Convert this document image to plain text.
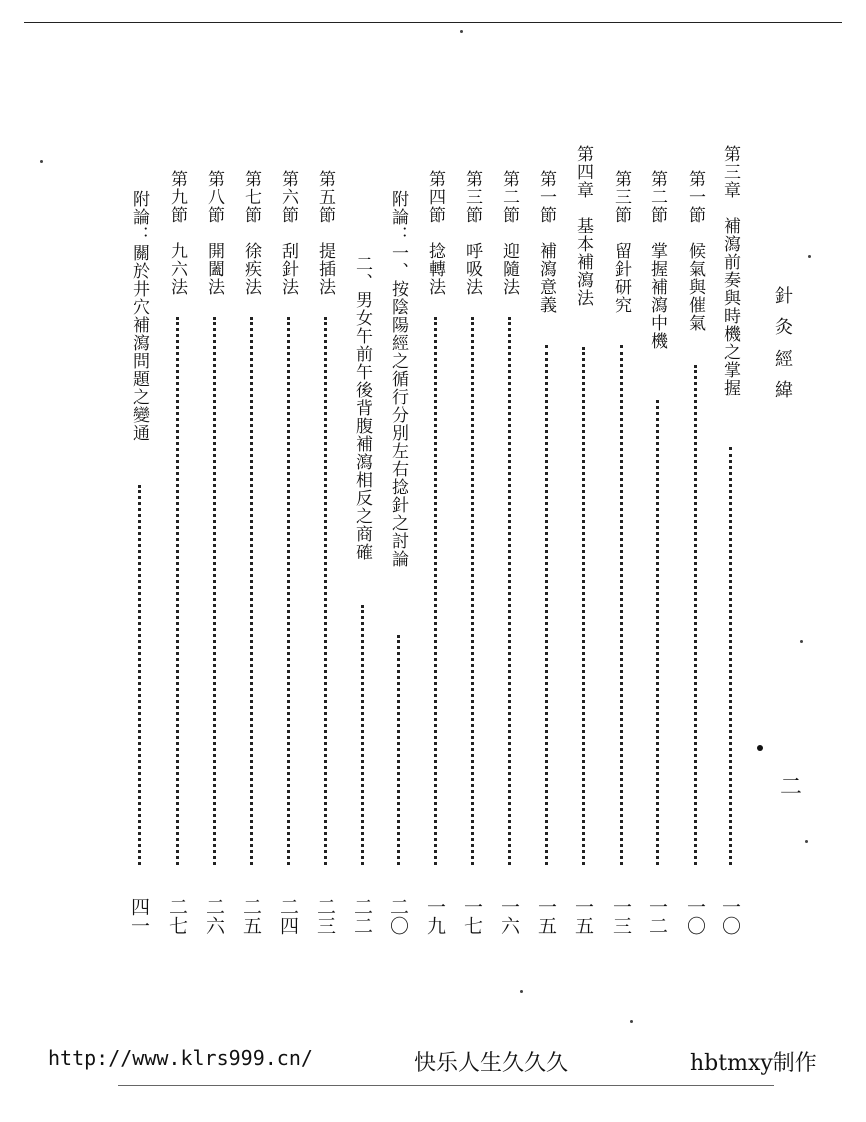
針
灸
經
緯
二
第三章　補瀉前奏與時機之掌握
一〇
第一節　候氣與催氣
一〇
第二節　掌握補瀉中機
一二
第三節　留針研究
一三
第四章　基本補瀉法
一五
第一節　補瀉意義
一五
第二節　迎隨法
一六
第三節　呼吸法
一七
第四節　捻轉法
一九
附論：一、按陰陽經之循行分別左右捻針之討論
二〇
二、男女午前午後背腹補瀉相反之商確
二二
第五節　提插法
二三
第六節　刮針法
二四
第七節　徐疾法
二五
第八節　開闔法
二六
第九節　九六法
二七
附論：關於井穴補瀉問題之變通
四一
http://www.klrs999.cn/	快乐人生久久久	hbtmxy制作
